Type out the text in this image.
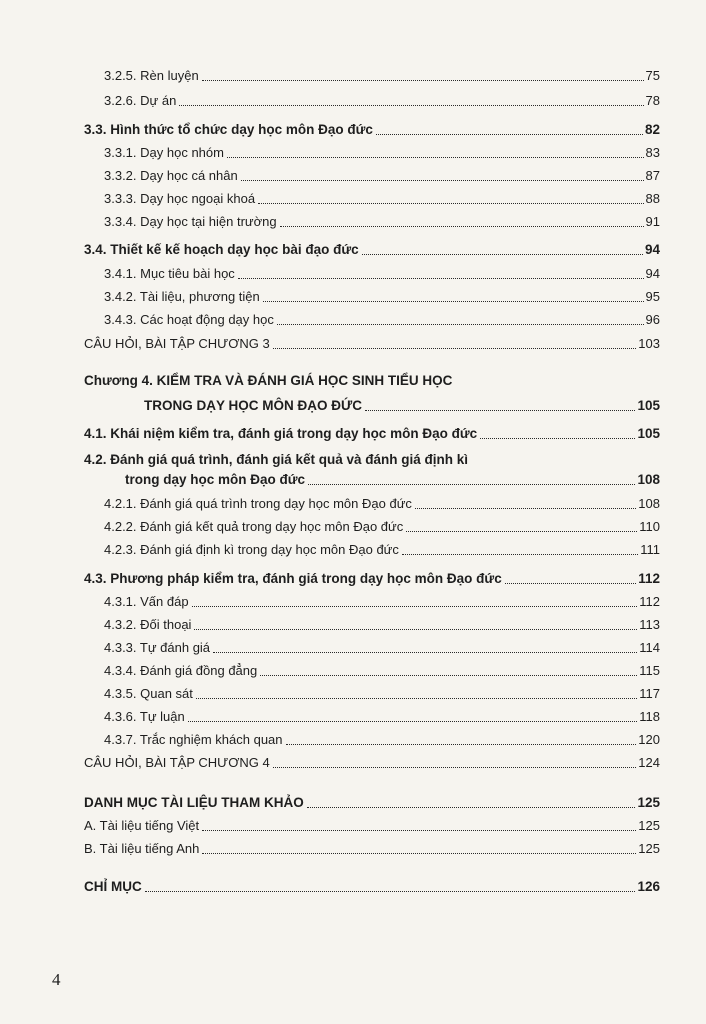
3.2.5. Rèn luyện	75
3.2.6. Dự án	78
3.3. Hình thức tổ chức dạy học môn Đạo đức	82
3.3.1. Dạy học nhóm	83
3.3.2. Dạy học cá nhân	87
3.3.3. Dạy học ngoại khoá	88
3.3.4. Dạy học tại hiện trường	91
3.4. Thiết kế kế hoạch dạy học bài đạo đức	94
3.4.1. Mục tiêu bài học	94
3.4.2. Tài liệu, phương tiện	95
3.4.3. Các hoạt động dạy học	96
CÂU HỎI, BÀI TẬP CHƯƠNG 3	103
Chương 4. KIỂM TRA VÀ ĐÁNH GIÁ HỌC SINH TIỂU HỌC
TRONG DẠY HỌC MÔN ĐẠO ĐỨC	105
4.1. Khái niệm kiểm tra, đánh giá trong dạy học môn Đạo đức	105
4.2. Đánh giá quá trình, đánh giá kết quả và đánh giá định kì
trong dạy học môn Đạo đức	108
4.2.1. Đánh giá quá trình trong dạy học môn Đạo đức	108
4.2.2. Đánh giá kết quả trong dạy học môn Đạo đức	110
4.2.3. Đánh giá định kì trong dạy học môn Đạo đức	111
4.3. Phương pháp kiểm tra, đánh giá trong dạy học môn Đạo đức	112
4.3.1. Vấn đáp	112
4.3.2. Đối thoại	113
4.3.3. Tự đánh giá	114
4.3.4. Đánh giá đồng đẳng	115
4.3.5. Quan sát	117
4.3.6. Tự luận	118
4.3.7. Trắc nghiệm khách quan	120
CÂU HỎI, BÀI TẬP CHƯƠNG 4	124
DANH MỤC TÀI LIỆU THAM KHẢO	125
A. Tài liệu tiếng Việt	125
B. Tài liệu tiếng Anh	125
CHỈ MỤC	126
4
